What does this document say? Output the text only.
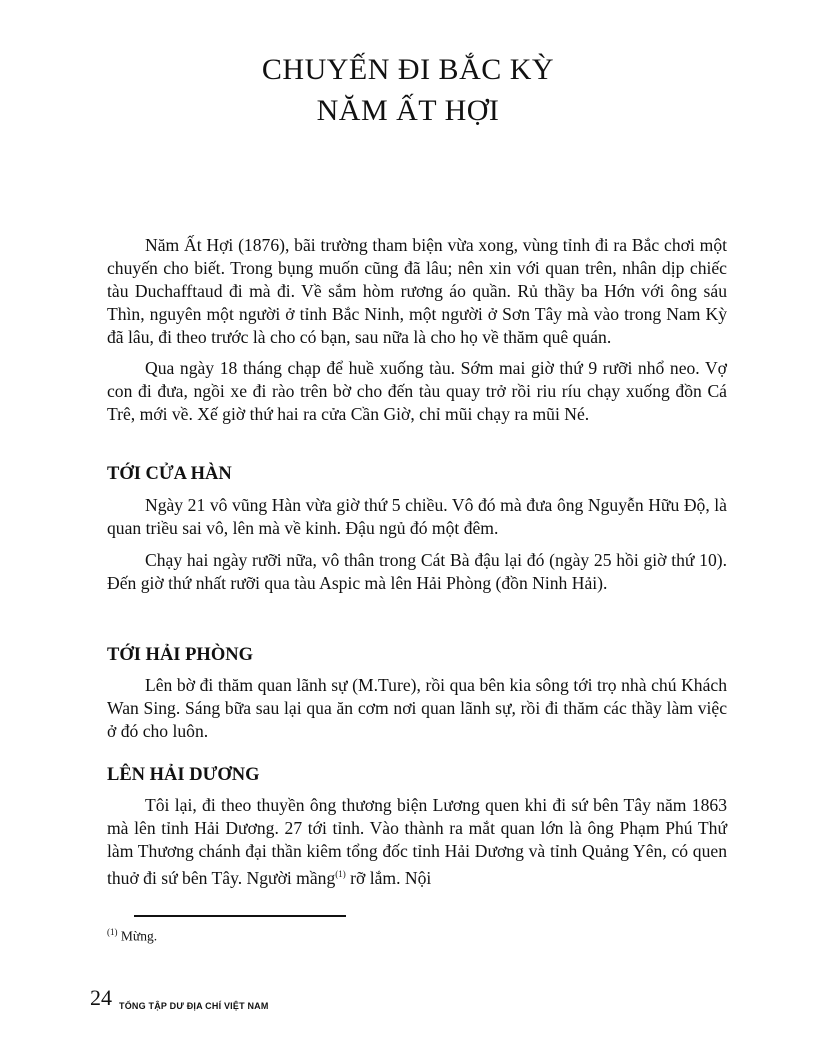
CHUYẾN ĐI BẮC KỲ
NĂM ẤT HỢI

Năm Ất Hợi (1876), bãi trường tham biện vừa xong, vùng tỉnh đi ra Bắc chơi một chuyến cho biết. Trong bụng muốn cũng đã lâu; nên xin với quan trên, nhân dịp chiếc tàu Duchafftaud đi mà đi. Về sắm hòm rương áo quần. Rủ thầy ba Hớn với ông sáu Thìn, nguyên một người ở tỉnh Bắc Ninh, một người ở Sơn Tây mà vào trong Nam Kỳ đã lâu, đi theo trước là cho có bạn, sau nữa là cho họ về thăm quê quán.

Qua ngày 18 tháng chạp để huề xuống tàu. Sớm mai giờ thứ 9 rưỡi nhổ neo. Vợ con đi đưa, ngồi xe đi rào trên bờ cho đến tàu quay trở rồi riu ríu chạy xuống đồn Cá Trê, mới về. Xế giờ thứ hai ra cửa Cần Giờ, chỉ mũi chạy ra mũi Né.

TỚI CỬA HÀN

Ngày 21 vô vũng Hàn vừa giờ thứ 5 chiều. Vô đó mà đưa ông Nguyễn Hữu Độ, là quan triều sai vô, lên mà về kinh. Đậu ngủ đó một đêm.

Chạy hai ngày rưỡi nữa, vô thân trong Cát Bà đậu lại đó (ngày 25 hồi giờ thứ 10). Đến giờ thứ nhất rưỡi qua tàu Aspic mà lên Hải Phòng (đồn Ninh Hải).

TỚI HẢI PHÒNG

Lên bờ đi thăm quan lãnh sự (M.Ture), rồi qua bên kia sông tới trọ nhà chú Khách Wan Sing. Sáng bữa sau lại qua ăn cơm nơi quan lãnh sự, rồi đi thăm các thầy làm việc ở đó cho luôn.

LÊN HẢI DƯƠNG

Tôi lại, đi theo thuyền ông thương biện Lương quen khi đi sứ bên Tây năm 1863 mà lên tỉnh Hải Dương. 27 tới tỉnh. Vào thành ra mắt quan lớn là ông Phạm Phú Thứ làm Thương chánh đại thần kiêm tổng đốc tỉnh Hải Dương và tỉnh Quảng Yên, có quen thuở đi sứ bên Tây. Người mầng$^{(1)}$ rỡ lắm. Nội

$^{(1)}$ Mừng.
24 TỔNG TẬP DƯ ĐỊA CHÍ VIỆT NAM
